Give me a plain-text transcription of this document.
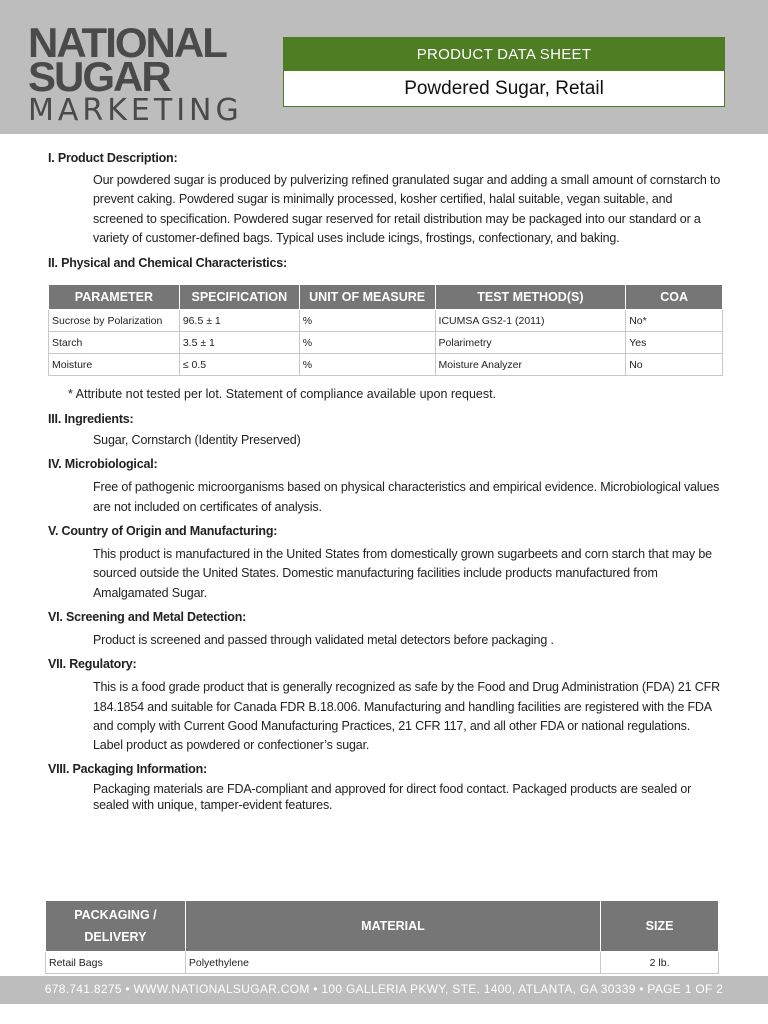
NATIONAL
SUGAR
MARKETING
PRODUCT DATA SHEET
Powdered Sugar, Retail
I. Product Description:
Our powdered sugar is produced by pulverizing refined granulated sugar and adding a small amount of cornstarch to prevent caking. Powdered sugar is minimally processed, kosher certified, halal suitable, vegan suitable, and screened to specification. Powdered sugar reserved for retail distribution may be packaged into our standard or a variety of customer-defined bags. Typical uses include icings, frostings, confectionary, and baking.
II. Physical and Chemical Characteristics:
PARAMETER	SPECIFICATION	UNIT OF MEASURE	TEST METHOD(S)	COA
Sucrose by Polarization	96.5 ± 1	%	ICUMSA GS2-1 (2011)	No*
Starch	3.5 ± 1	%	Polarimetry	Yes
Moisture	≤ 0.5	%	Moisture Analyzer	No
* Attribute not tested per lot. Statement of compliance available upon request.
III. Ingredients:
Sugar, Cornstarch (Identity Preserved)
IV. Microbiological:
Free of pathogenic microorganisms based on physical characteristics and empirical evidence. Microbiological values are not included on certificates of analysis.
V. Country of Origin and Manufacturing:
This product is manufactured in the United States from domestically grown sugarbeets and corn starch that may be sourced outside the United States. Domestic manufacturing facilities include products manufactured from Amalgamated Sugar.
VI. Screening and Metal Detection:
Product is screened and passed through validated metal detectors before packaging .
VII. Regulatory:
This is a food grade product that is generally recognized as safe by the Food and Drug Administration (FDA) 21 CFR 184.1854 and suitable for Canada FDR B.18.006. Manufacturing and handling facilities are registered with the FDA and comply with Current Good Manufacturing Practices, 21 CFR 117, and all other FDA or national regulations. Label product as powdered or confectioner’s sugar.
VIII. Packaging Information:
Packaging materials are FDA-compliant and approved for direct food contact. Packaged products are sealed or sealed with unique, tamper-evident features.
PACKAGING / DELIVERY	MATERIAL	SIZE
Retail Bags	Polyethylene	2 lb.
678.741.8275 • WWW.NATIONALSUGAR.COM • 100 GALLERIA PKWY, STE. 1400, ATLANTA, GA 30339 • PAGE 1 OF 2
